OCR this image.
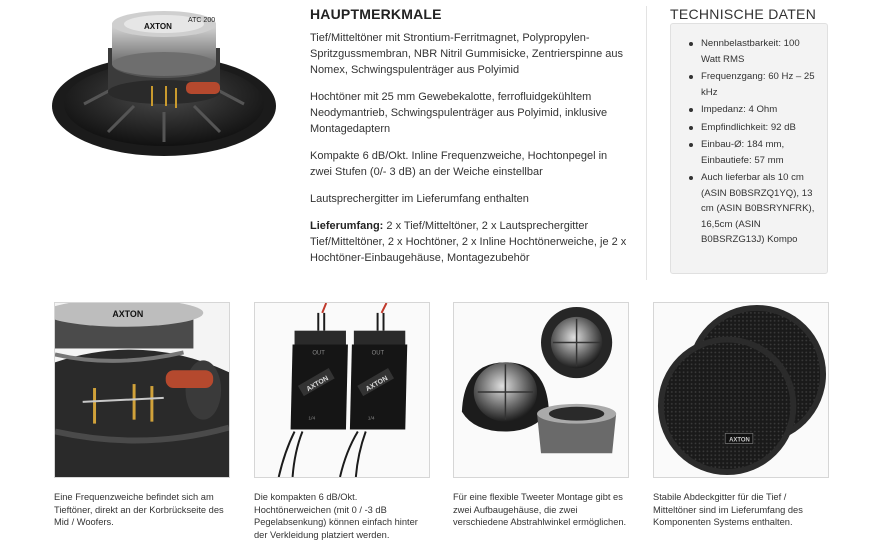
ATC 200
AXTON
HAUPTMERKMALE

Tief/Mitteltöner mit Strontium-Ferritmagnet, Polypropylen-Spritzgussmembran, NBR Nitril Gummisicke, Zentrierspinne aus Nomex, Schwingspulenträger aus Polyimid

Hochtöner mit 25 mm Gewebekalotte, ferrofluidgekühltem Neodymantrieb, Schwingspulenträger aus Polyimid, inklusive Montagedaptern

Kompakte 6 dB/Okt. Inline Frequenzweiche, Hochtonpegel in zwei Stufen (0/- 3 dB) an der Weiche einstellbar

Lautsprechergitter im Lieferumfang enthalten

Lieferumfang: 2 x Tief/Mitteltöner, 2 x Lautsprechergitter Tief/Mitteltöner, 2 x Hochtöner, 2 x Inline Hochtönerweiche, je 2 x Hochtöner-Einbaugehäuse, Montagezubehör

TECHNISCHE DATEN
Nennbelastbarkeit: 100 Watt RMS
Frequenzgang: 60 Hz – 25 kHz
Impedanz: 4 Ohm
Empfindlichkeit: 92 dB
Einbau-Ø: 184 mm, Einbautiefe: 57 mm
Auch lieferbar als 10 cm (ASIN B0BSRZQ1YQ), 13 cm (ASIN B0BSRYNFRK), 16,5cm (ASIN B0BSRZG13J) Kompo
AXTON
Eine Frequenzweiche befindet sich am Tieftöner, direkt an der Korbrückseite des Mid / Woofers.
OUT
AXTON
1/4
OUT
AXTON
1/4
Die kompakten 6 dB/Okt. Hochtönerweichen (mit 0 / -3 dB Pegelabsenkung) können einfach hinter der Verkleidung platziert werden.
Für eine flexible Tweeter Montage gibt es zwei Aufbaugehäuse, die zwei verschiedene Abstrahlwinkel ermöglichen.
AXTON
Stabile Abdeckgitter für die Tief / Mitteltöner sind im Lieferumfang des Komponenten Systems enthalten.
